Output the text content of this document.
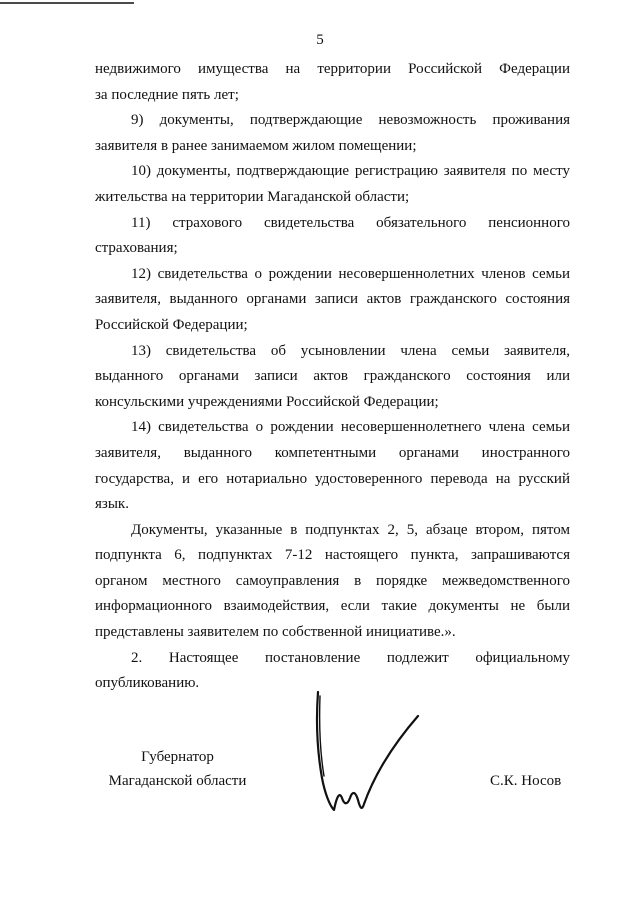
5

недвижимого имущества на территории Российской Федерации

за последние пять лет;

9) документы, подтверждающие невозможность проживания заявителя в ранее занимаемом жилом помещении;

10) документы, подтверждающие регистрацию заявителя по месту жительства на территории Магаданской области;

11) страхового свидетельства обязательного пенсионного страхования;

12) свидетельства о рождении несовершеннолетних членов семьи заявителя, выданного органами записи актов гражданского состояния Российской Федерации;

13) свидетельства об усыновлении члена семьи заявителя, выданного органами записи актов гражданского состояния или консульскими учреждениями Российской Федерации;

14) свидетельства о рождении несовершеннолетнего члена семьи заявителя, выданного компетентными органами иностранного государства, и его нотариально удостоверенного перевода на русский язык.

Документы, указанные в подпунктах 2, 5, абзаце втором, пятом подпункта 6, подпунктах 7-12 настоящего пункта, запрашиваются органом местного самоуправления в порядке межведомственного информационного взаимодействия, если такие документы не были представлены заявителем по собственной инициативе.».

2. Настоящее постановление подлежит официальному опубликованию.

Губернатор
Магаданской области	С.К. Носов
